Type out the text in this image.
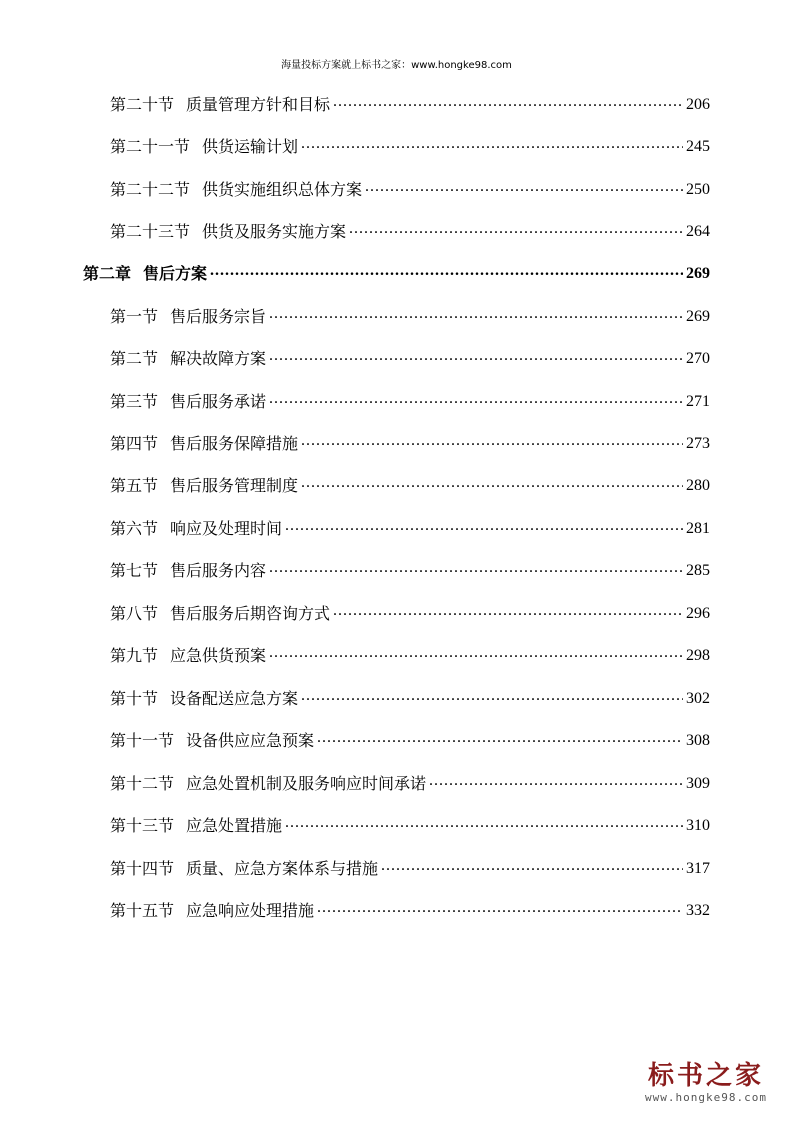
海量投标方案就上标书之家：www.hongke98.com
第二十节 质量管理方针和目标 .....	206
第二十一节 供货运输计划 .....	245
第二十二节 供货实施组织总体方案 .....	250
第二十三节 供货及服务实施方案 .....	264
第二章 售后方案 .....	269
第一节 售后服务宗旨 .....	269
第二节 解决故障方案 .....	270
第三节 售后服务承诺 .....	271
第四节 售后服务保障措施 .....	273
第五节 售后服务管理制度 .....	280
第六节 响应及处理时间 .....	281
第七节 售后服务内容 .....	285
第八节 售后服务后期咨询方式 .....	296
第九节 应急供货预案 .....	298
第十节 设备配送应急方案 .....	302
第十一节 设备供应应急预案 .....	308
第十二节 应急处置机制及服务响应时间承诺 .....	309
第十三节 应急处置措施 .....	310
第十四节 质量、应急方案体系与措施 .....	317
第十五节 应急响应处理措施 .....	332
标书之家
www.hongke98.com
